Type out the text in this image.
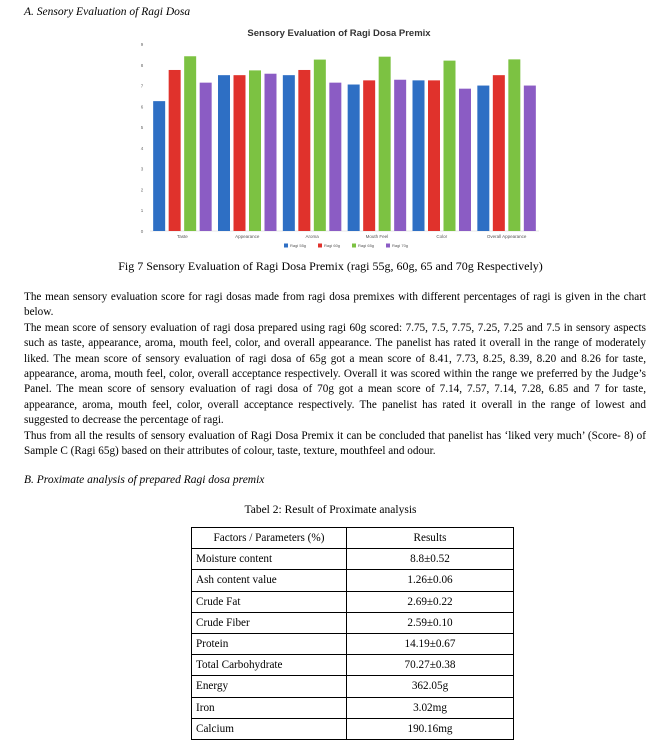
A. Sensory Evaluation of Ragi Dosa
Sensory Evaluation of Ragi Dosa Premix
0
1
2
3
4
5
6
7
8
9
Taste	Appearance	Aroma	Mouth Feel	Color	Overall Appearance
Ragi 55g	Ragi 60g	Ragi 65g	Ragi 70g
Fig 7 Sensory Evaluation of Ragi Dosa Premix (ragi 55g, 60g, 65 and 70g Respectively)

The mean sensory evaluation score for ragi dosas made from ragi dosa premixes with different percentages of ragi is given in the chart below.

The mean score of sensory evaluation of ragi dosa prepared using ragi 60g scored: 7.75, 7.5, 7.75, 7.25, 7.25 and 7.5 in sensory aspects such as taste, appearance, aroma, mouth feel, color, and overall appearance. The panelist has rated it overall in the range of moderately liked. The mean score of sensory evaluation of ragi dosa of 65g got a mean score of 8.41, 7.73, 8.25, 8.39, 8.20 and 8.26 for taste, appearance, aroma, mouth feel, color, overall acceptance respectively. Overall it was scored within the range we preferred by the Judge’s Panel. The mean score of sensory evaluation of ragi dosa of 70g got a mean score of 7.14, 7.57, 7.14, 7.28, 6.85 and 7 for taste, appearance, aroma, mouth feel, color, overall acceptance respectively. The panelist has rated it overall in the range of lowest and suggested to decrease the percentage of ragi.

Thus from all the results of sensory evaluation of Ragi Dosa Premix it can be concluded that panelist has ‘liked very much’ (Score- 8) of Sample C (Ragi 65g) based on their attributes of colour, taste, texture, mouthfeel and odour.

B. Proximate analysis of prepared Ragi dosa premix
Tabel 2: Result of Proximate analysis
Factors / Parameters (%)	Results
Moisture content	8.8±0.52
Ash content value	1.26±0.06
Crude Fat	2.69±0.22
Crude Fiber	2.59±0.10
Protein	14.19±0.67
Total Carbohydrate	70.27±0.38
Energy	362.05g
Iron	3.02mg
Calcium	190.16mg
